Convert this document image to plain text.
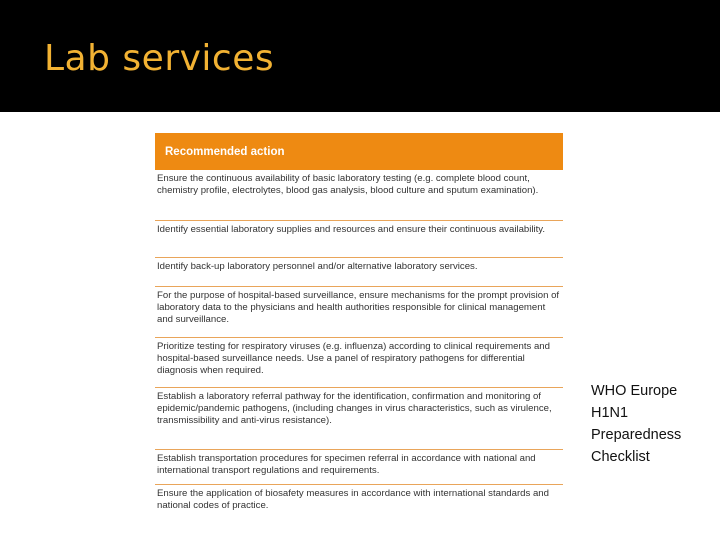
Lab services
Recommended action
Ensure the continuous availability of basic laboratory testing (e.g. complete blood count, chemistry profile, electrolytes, blood gas analysis, blood culture and sputum examination).
Identify essential laboratory supplies and resources and ensure their continuous availability.
Identify back-up laboratory personnel and/or alternative laboratory services.
For the purpose of hospital-based surveillance, ensure mechanisms for the prompt provision of laboratory data to the physicians and health authorities responsible for clinical management and surveillance.
Prioritize testing for respiratory viruses (e.g. influenza) according to clinical requirements and hospital-based surveillance needs. Use a panel of respiratory pathogens for differential diagnosis when required.
Establish a laboratory referral pathway for the identification, confirmation and monitoring of epidemic/pandemic pathogens, (including changes in virus characteristics, such as virulence, transmissibility and anti-virus resistance).
Establish transportation procedures for specimen referral in accordance with national and international transport regulations and requirements.
Ensure the application of biosafety measures in accordance with international standards and national codes of practice.

WHO Europe H1N1 Preparedness Checklist
